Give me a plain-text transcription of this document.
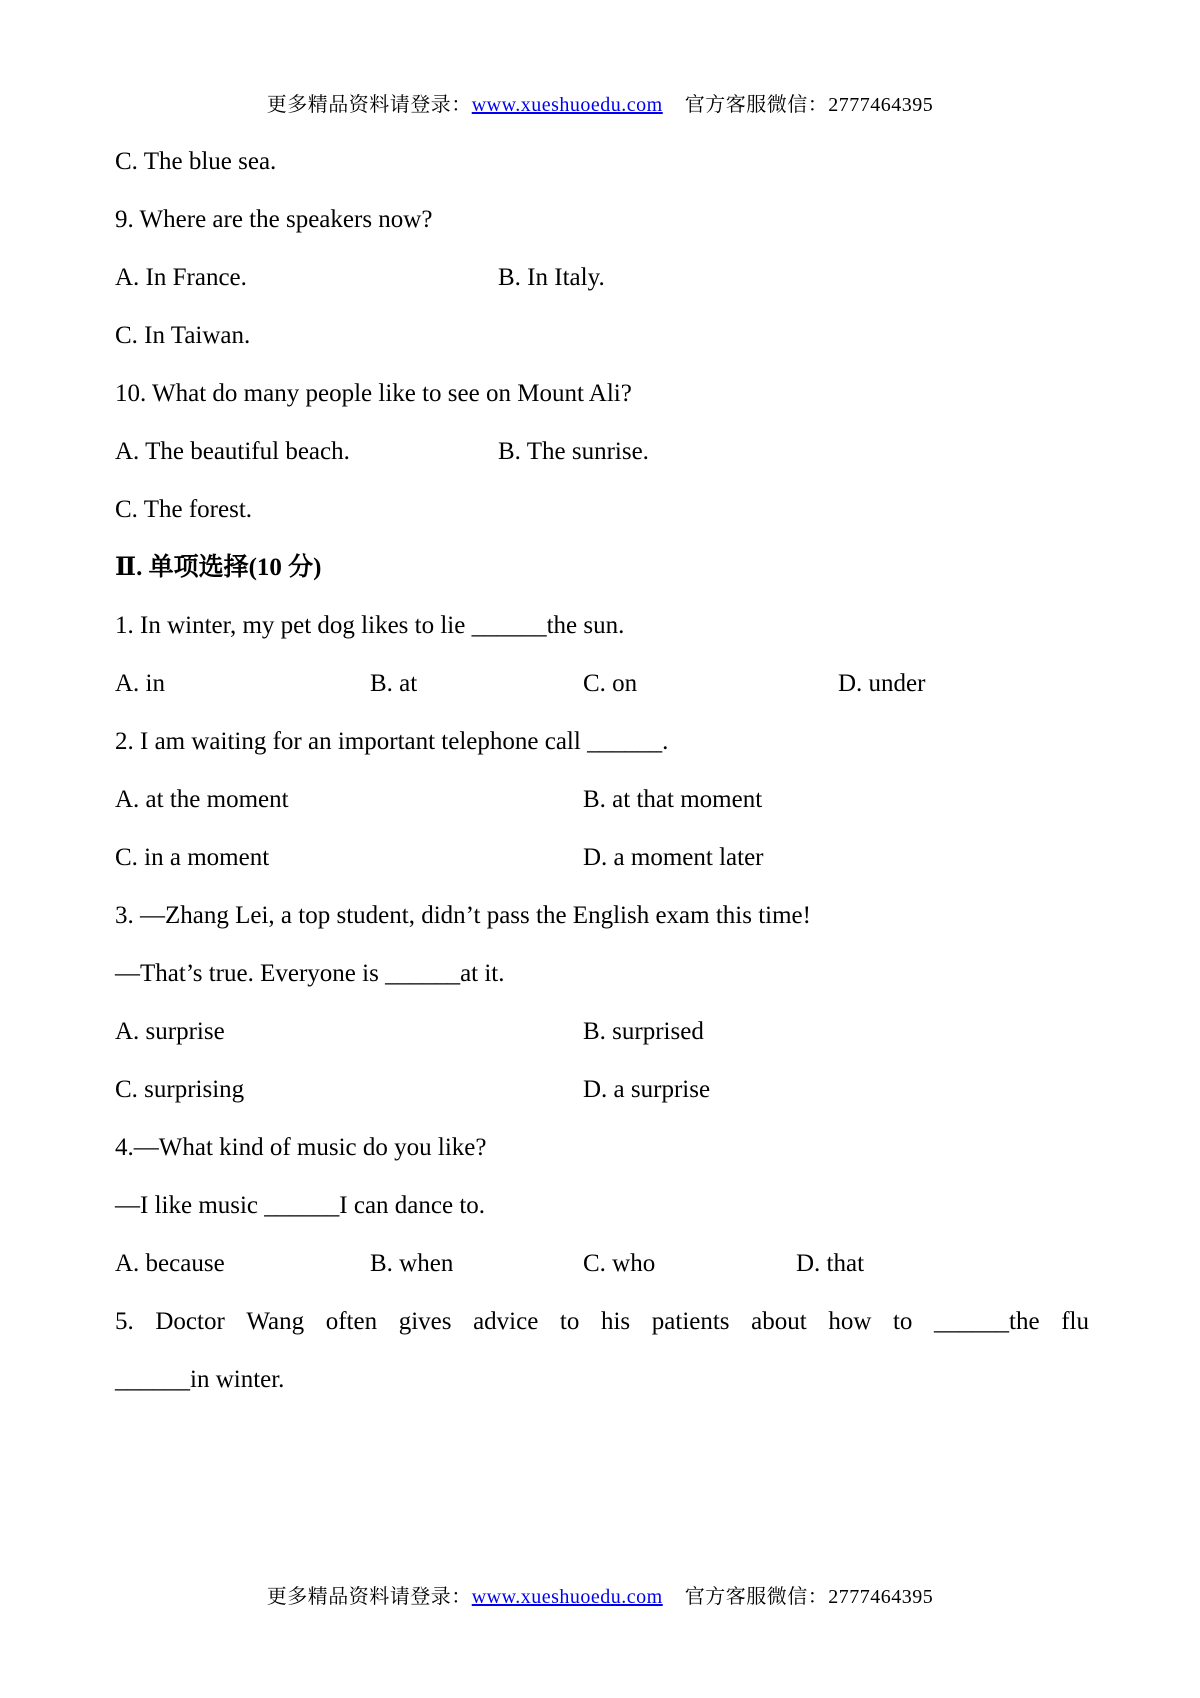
更多精品资料请登录：www.xueshuoedu.com 官方客服微信：2777464395
C. The blue sea.
9. Where are the speakers now?
A. In France.	B. In Italy.
C. In Taiwan.
10. What do many people like to see on Mount Ali?
A. The beautiful beach.	B. The sunrise.
C. The forest.
Ⅱ. 单项选择(10 分)
1. In winter, my pet dog likes to lie ______the sun.
A. in	B. at	C. on	D. under
2. I am waiting for an important telephone call ______.
A. at the moment	B. at that moment
C. in a moment	D. a moment later
3. —Zhang Lei, a top student, didn’t pass the English exam this time!
—That’s true. Everyone is ______at it.
A. surprise	B. surprised
C. surprising	D. a surprise
4.—What kind of music do you like?
—I like music ______I can dance to.
A. because	B. when	C. who	D. that
5. Doctor Wang often gives advice to his patients about how to ______the flu
______in winter.
更多精品资料请登录：www.xueshuoedu.com 官方客服微信：2777464395
